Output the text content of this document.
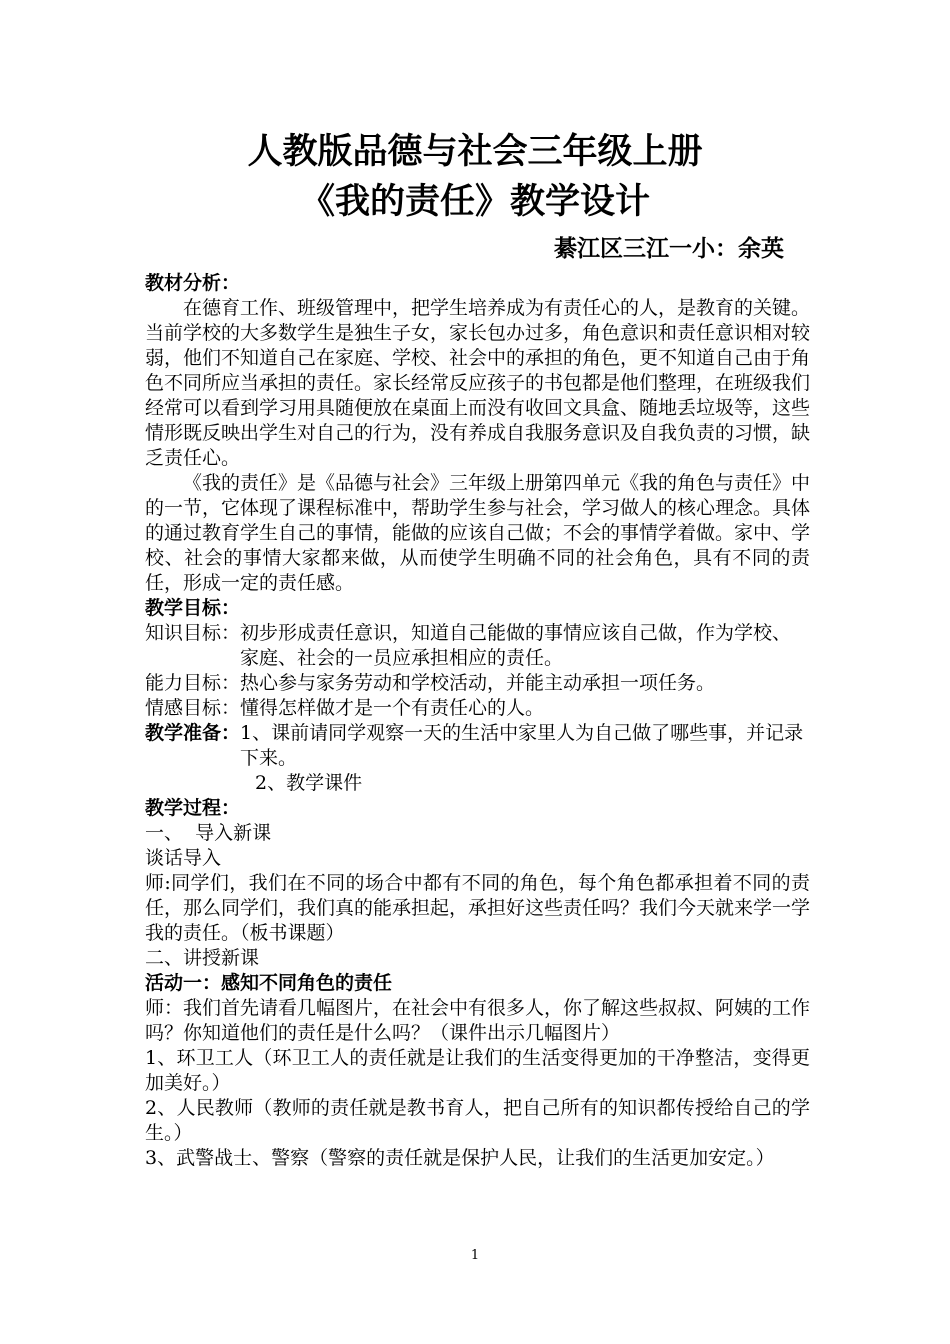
人教版品德与社会三年级上册
《我的责任》教学设计
綦江区三江一小：余英

教材分析：

在德育工作、班级管理中，把学生培养成为有责任心的人，是教育的关键。当前学校的大多数学生是独生子女，家长包办过多，角色意识和责任意识相对较弱，他们不知道自己在家庭、学校、社会中的承担的角色，更不知道自己由于角色不同所应当承担的责任。家长经常反应孩子的书包都是他们整理，在班级我们经常可以看到学习用具随便放在桌面上而没有收回文具盒、随地丢垃圾等，这些情形既反映出学生对自己的行为，没有养成自我服务意识及自我负责的习惯，缺乏责任心。

《我的责任》是《品德与社会》三年级上册第四单元《我的角色与责任》中的一节，它体现了课程标准中，帮助学生参与社会，学习做人的核心理念。具体的通过教育学生自己的事情，能做的应该自己做；不会的事情学着做。家中、学校、社会的事情大家都来做，从而使学生明确不同的社会角色，具有不同的责任，形成一定的责任感。

教学目标：

知识目标： 初步形成责任意识，知道自己能做的事情应该自己做，作为学校、家庭、社会的一员应承担相应的责任。
能力目标： 热心参与家务劳动和学校活动，并能主动承担一项任务。
情感目标： 懂得怎样做才是一个有责任心的人。
教学准备： 1、课前请同学观察一天的生活中家里人为自己做了哪些事，并记录下来。

2、教学课件

教学过程：

一、  导入新课

谈话导入

师:同学们，我们在不同的场合中都有不同的角色，每个角色都承担着不同的责任，那么同学们，我们真的能承担起，承担好这些责任吗？我们今天就来学一学 我的责任。（板书课题）

二、讲授新课

活动一：感知不同角色的责任

师：我们首先请看几幅图片，在社会中有很多人，你了解这些叔叔、阿姨的工作吗？你知道他们的责任是什么吗？（课件出示几幅图片）

1、环卫工人（环卫工人的责任就是让我们的生活变得更加的干净整洁，变得更加美好。）

2、人民教师（教师的责任就是教书育人，把自己所有的知识都传授给自己的学生。）

3、武警战士、警察（警察的责任就是保护人民，让我们的生活更加安定。）

1
